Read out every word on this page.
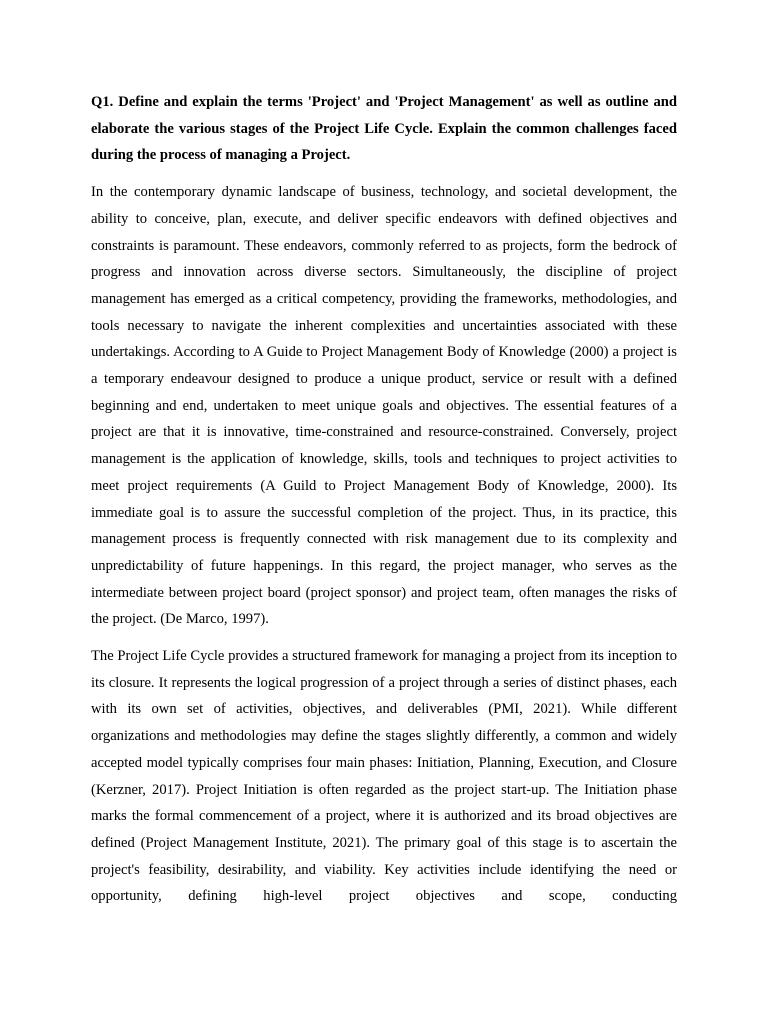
Q1. Define and explain the terms 'Project' and 'Project Management' as well as outline and elaborate the various stages of the Project Life Cycle. Explain the common challenges faced during the process of managing a Project.

In the contemporary dynamic landscape of business, technology, and societal development, the ability to conceive, plan, execute, and deliver specific endeavors with defined objectives and constraints is paramount. These endeavors, commonly referred to as projects, form the bedrock of progress and innovation across diverse sectors. Simultaneously, the discipline of project management has emerged as a critical competency, providing the frameworks, methodologies, and tools necessary to navigate the inherent complexities and uncertainties associated with these undertakings. According to A Guide to Project Management Body of Knowledge (2000) a project is a temporary endeavour designed to produce a unique product, service or result with a defined beginning and end, undertaken to meet unique goals and objectives. The essential features of a project are that it is innovative, time-constrained and resource-constrained. Conversely, project management is the application of knowledge, skills, tools and techniques to project activities to meet project requirements (A Guild to Project Management Body of Knowledge, 2000). Its immediate goal is to assure the successful completion of the project. Thus, in its practice, this management process is frequently connected with risk management due to its complexity and unpredictability of future happenings. In this regard, the project manager, who serves as the intermediate between project board (project sponsor) and project team, often manages the risks of the project. (De Marco, 1997).

The Project Life Cycle provides a structured framework for managing a project from its inception to its closure. It represents the logical progression of a project through a series of distinct phases, each with its own set of activities, objectives, and deliverables (PMI, 2021). While different organizations and methodologies may define the stages slightly differently, a common and widely accepted model typically comprises four main phases: Initiation, Planning, Execution, and Closure (Kerzner, 2017). Project Initiation is often regarded as the project start-up. The Initiation phase marks the formal commencement of a project, where it is authorized and its broad objectives are defined (Project Management Institute, 2021). The primary goal of this stage is to ascertain the project's feasibility, desirability, and viability. Key activities include identifying the need or opportunity, defining high-level project objectives and scope, conducting
